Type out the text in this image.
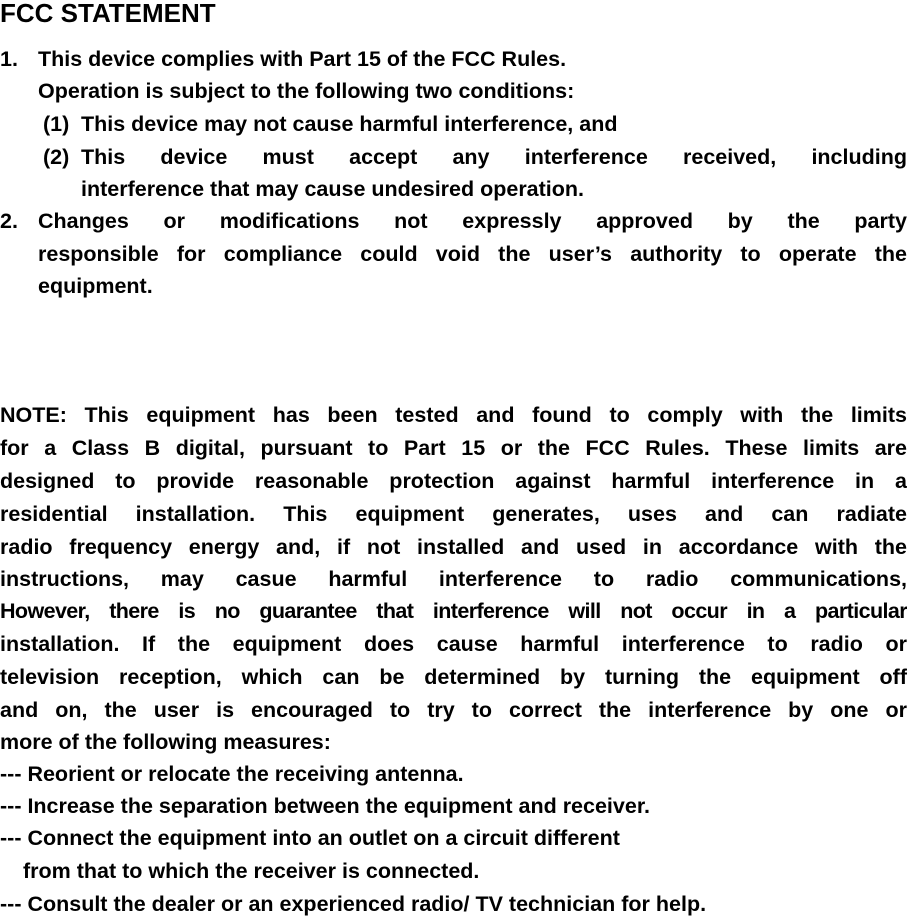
FCC STATEMENT
1. This device complies with Part 15 of the FCC Rules.
Operation is subject to the following two conditions:
(1) This device may not cause harmful interference, and
(2) This device must accept any interference received, including
interference that may cause undesired operation.
2. Changes or modifications not expressly approved by the party
responsible for compliance could void the user’s authority to operate the
equipment.
NOTE: This equipment has been tested and found to comply with the limits
for a Class B digital, pursuant to Part 15 or the FCC Rules. These limits are
designed to provide reasonable protection against harmful interference in a
residential installation. This equipment generates, uses and can radiate
radio frequency energy and, if not installed and used in accordance with the
instructions, may casue harmful interference to radio communications,
However, there is no guarantee that interference will not occur in a particular
installation. If the equipment does cause harmful interference to radio or
television reception, which can be determined by turning the equipment off
and on, the user is encouraged to try to correct the interference by one or
more of the following measures:
--- Reorient or relocate the receiving antenna.
--- Increase the separation between the equipment and receiver.
--- Connect the equipment into an outlet on a circuit different
from that to which the receiver is connected.
--- Consult the dealer or an experienced radio/ TV technician for help.
